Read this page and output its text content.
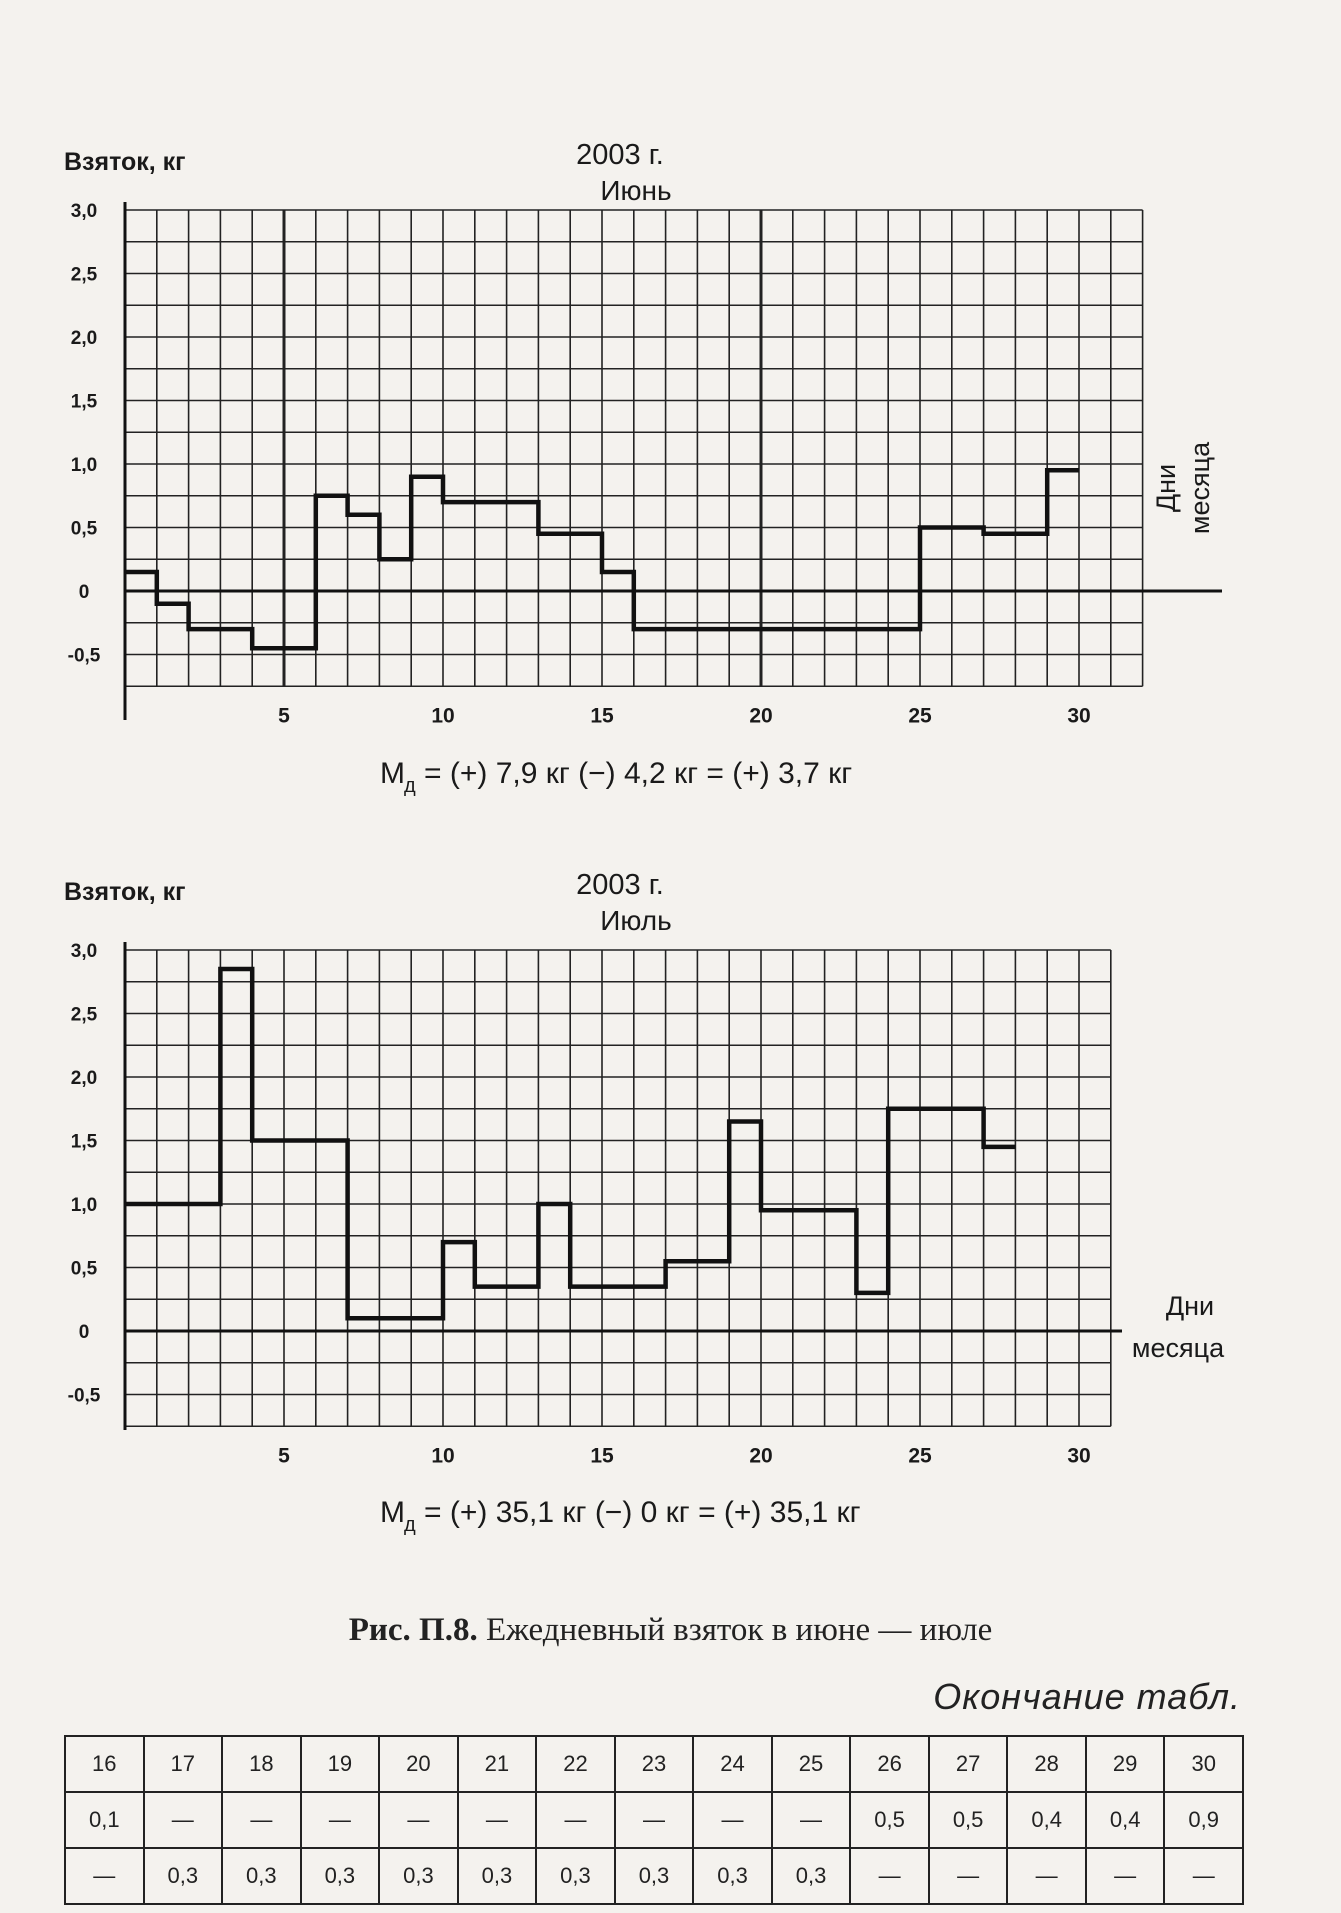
3,0
2,5
2,0
1,5
1,0
0,5
0
-0,5
5	10	15	20	25	30
Взяток, кг	2003 г.
Июнь
Дни месяца
М д = (+) 7,9 кг (−) 4,2 кг = (+) 3,7 кг
3,0
2,5
2,0
1,5
1,0
0,5
0
-0,5
5	10	15	20	25	30
Взяток, кг	2003 г.
Июль
Дни
месяца
М д = (+) 35,1 кг (−) 0 кг = (+) 35,1 кг
Рис. П.8. Ежедневный взяток в июне — июле
Окончание табл.
16	17	18	19	20	21	22	23	24	25	26	27	28	29	30
0,1	—	—	—	—	—	—	—	—	—	0,5	0,5	0,4	0,4	0,9
—	0,3	0,3	0,3	0,3	0,3	0,3	0,3	0,3	0,3	—	—	—	—	—
